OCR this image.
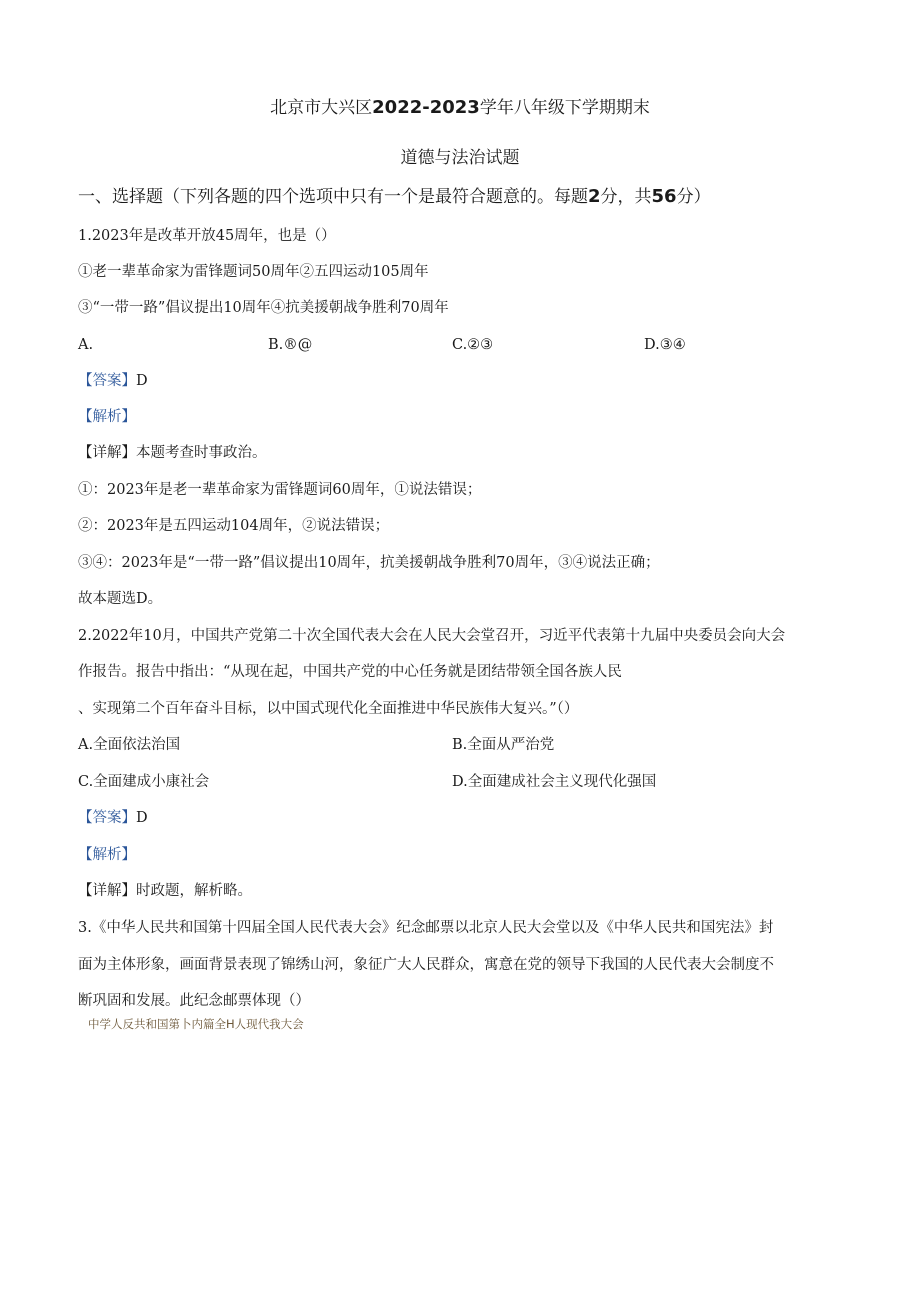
北京市大兴区2022-2023学年八年级下学期期末
道德与法治试题
一、选择题（下列各题的四个选项中只有一个是最符合题意的。每题2分，共56分）
1.2023年是改革开放45周年，也是（）
①老一辈革命家为雷锋题词50周年②五四运动105周年
③“一带一路”倡议提出10周年④抗美援朝战争胜利70周年
A.	B.®@	C.②③	D.③④
【答案】D
【解析】
【详解】本题考查时事政治。
①：2023年是老一辈革命家为雷锋题词60周年，①说法错误；
②：2023年是五四运动104周年，②说法错误；
③④：2023年是“一带一路”倡议提出10周年，抗美援朝战争胜利70周年，③④说法正确；
故本题选D。
2.2022年10月，中国共产党第二十次全国代表大会在人民大会堂召开，习近平代表第十九届中央委员会向大会
作报告。报告中指出：“从现在起，中国共产党的中心任务就是团结带领全国各族人民
、实现第二个百年奋斗目标，以中国式现代化全面推进中华民族伟大复兴。”（）
A.全面依法治国	B.全面从严治党
C.全面建成小康社会	D.全面建成社会主义现代化强国
【答案】D
【解析】
【详解】时政题，解析略。
3.《中华人民共和国第十四届全国人民代表大会》纪念邮票以北京人民大会堂以及《中华人民共和国宪法》封
面为主体形象，画面背景表现了锦绣山河，象征广大人民群众，寓意在党的领导下我国的人民代表大会制度不
断巩固和发展。此纪念邮票体现（）
中学人反共和国第卜内篇全H人现代我大会
